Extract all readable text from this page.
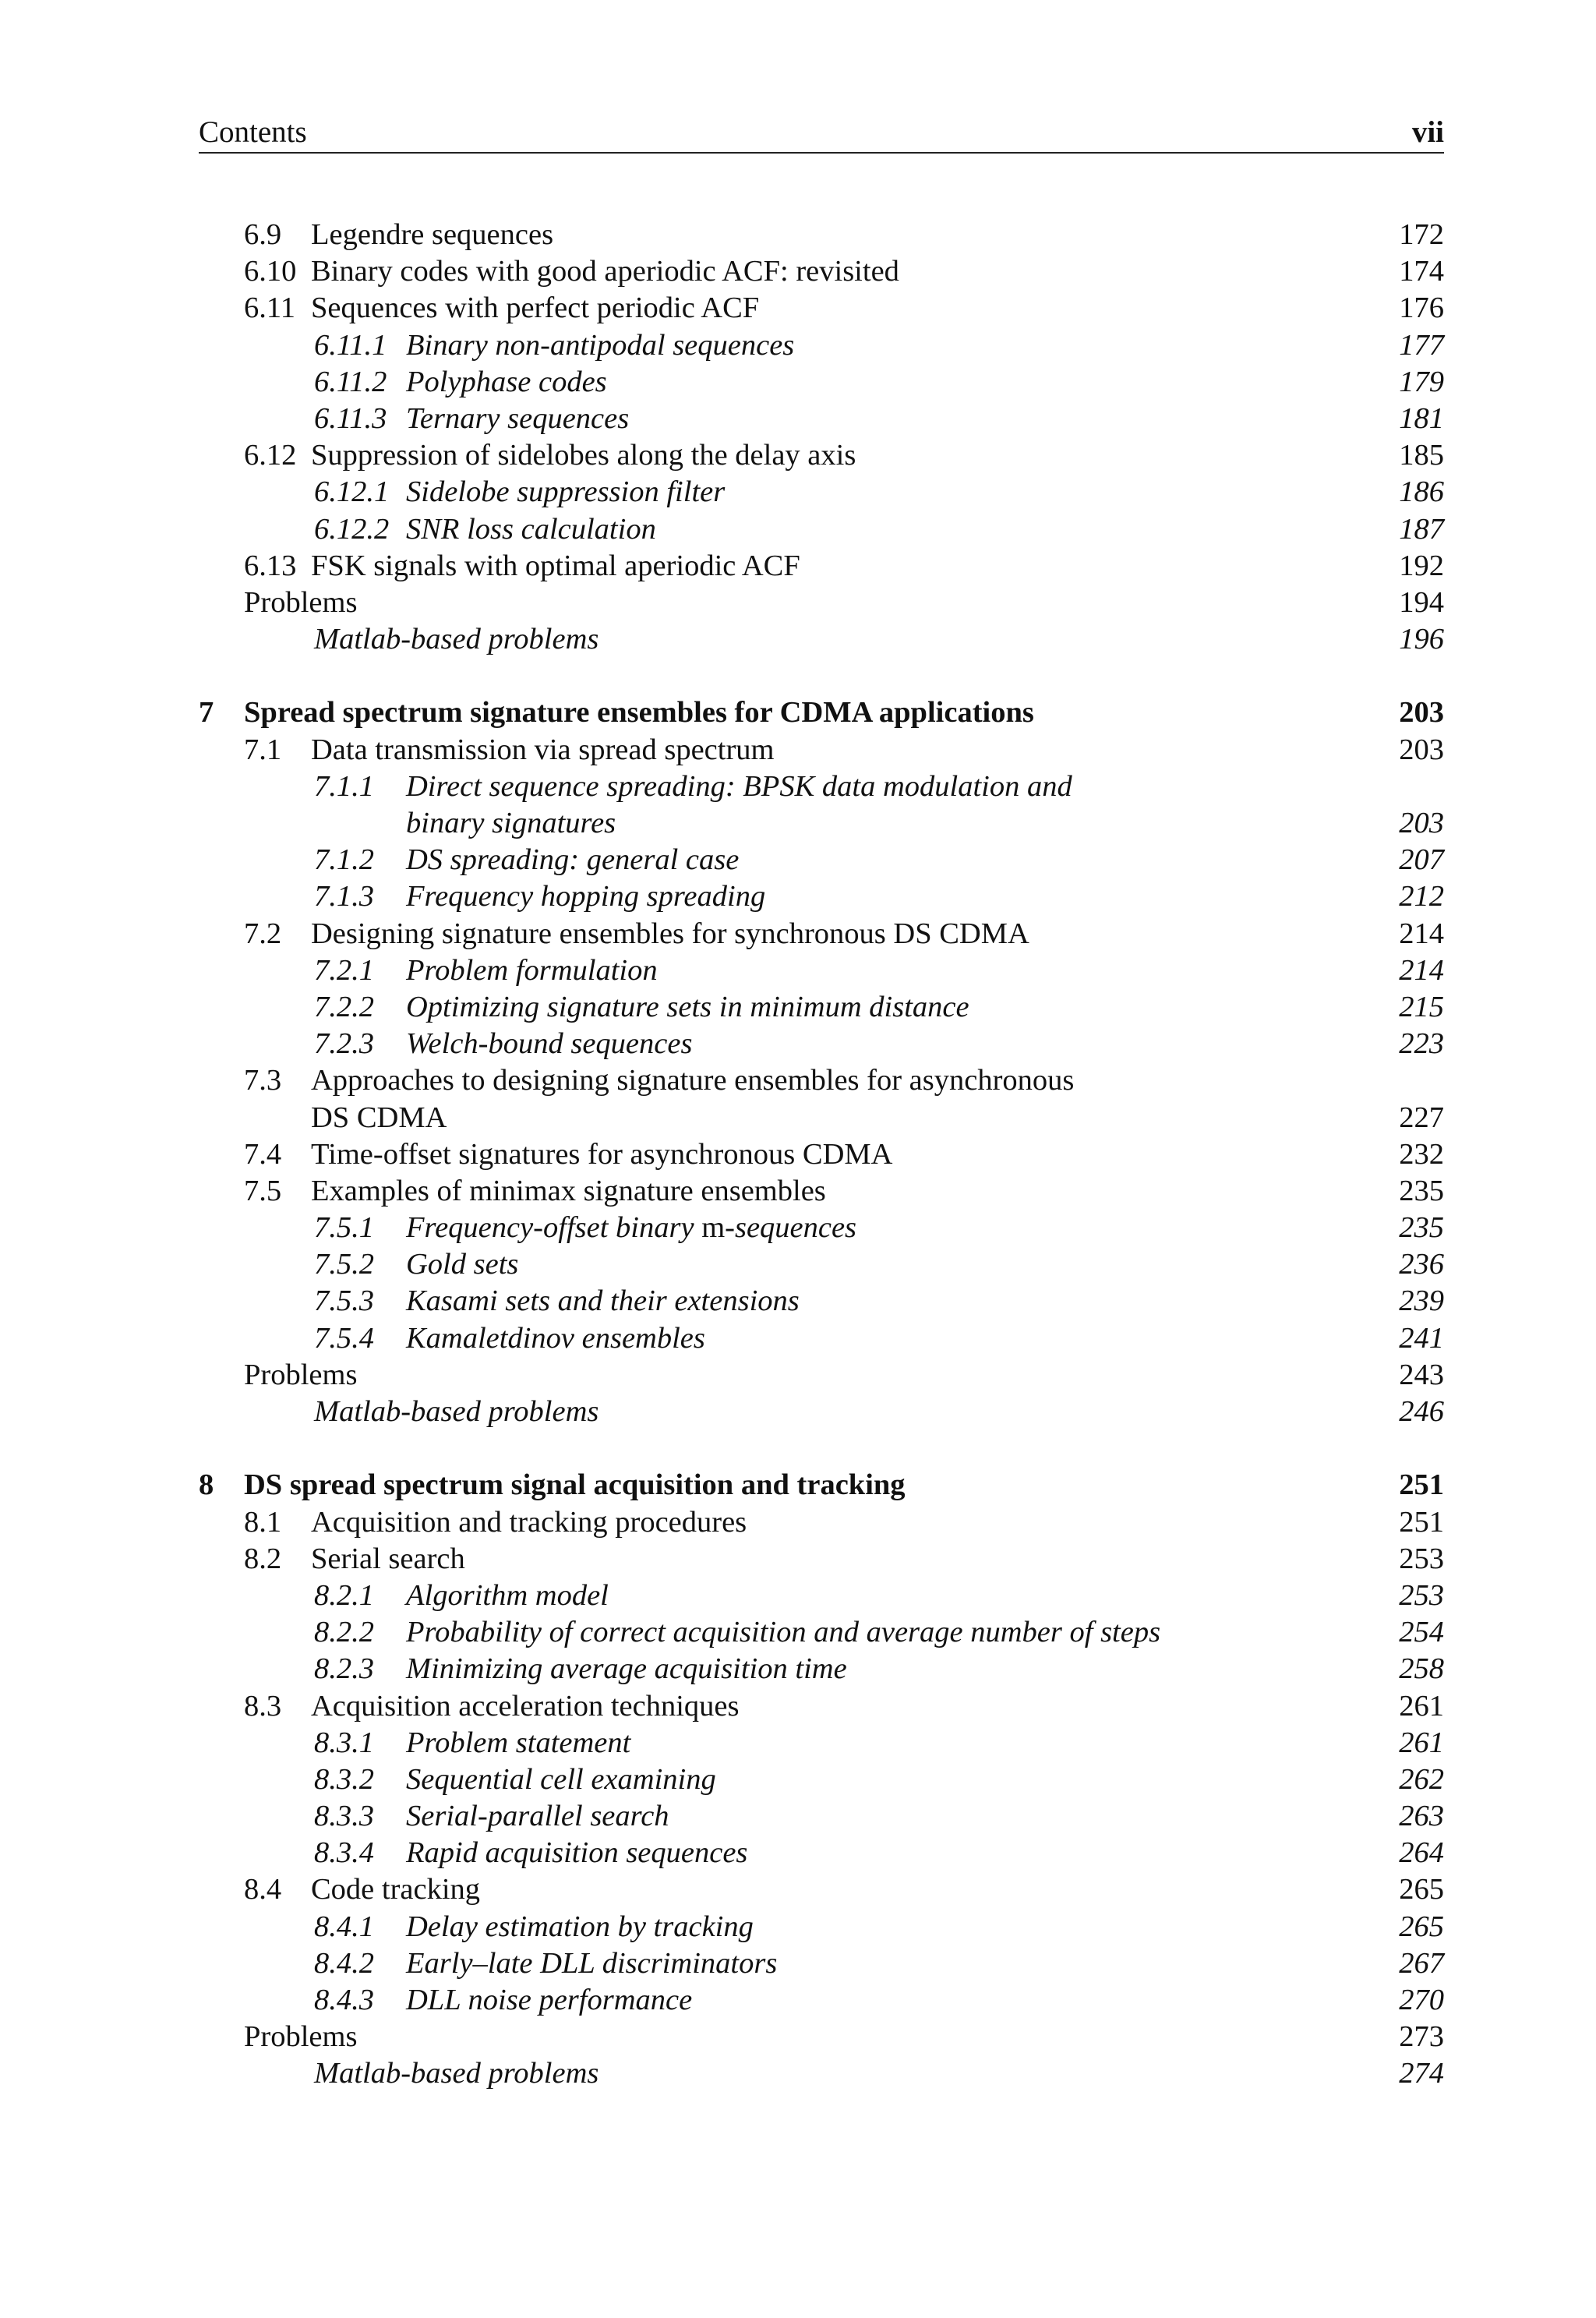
Contents	vii
6.9 Legendre sequences	172
6.10 Binary codes with good aperiodic ACF: revisited	174
6.11 Sequences with perfect periodic ACF	176
6.11.1 Binary non-antipodal sequences	177
6.11.2 Polyphase codes	179
6.11.3 Ternary sequences	181
6.12 Suppression of sidelobes along the delay axis	185
6.12.1 Sidelobe suppression filter	186
6.12.2 SNR loss calculation	187
6.13 FSK signals with optimal aperiodic ACF	192
Problems	194
Matlab-based problems	196
7 Spread spectrum signature ensembles for CDMA applications	203
7.1 Data transmission via spread spectrum	203
7.1.1 Direct sequence spreading: BPSK data modulation and
binary signatures	203
7.1.2 DS spreading: general case	207
7.1.3 Frequency hopping spreading	212
7.2 Designing signature ensembles for synchronous DS CDMA	214
7.2.1 Problem formulation	214
7.2.2 Optimizing signature sets in minimum distance	215
7.2.3 Welch-bound sequences	223
7.3 Approaches to designing signature ensembles for asynchronous
DS CDMA	227
7.4 Time-offset signatures for asynchronous CDMA	232
7.5 Examples of minimax signature ensembles	235
7.5.1 Frequency-offset binary m-sequences	235
7.5.2 Gold sets	236
7.5.3 Kasami sets and their extensions	239
7.5.4 Kamaletdinov ensembles	241
Problems	243
Matlab-based problems	246
8 DS spread spectrum signal acquisition and tracking	251
8.1 Acquisition and tracking procedures	251
8.2 Serial search	253
8.2.1 Algorithm model	253
8.2.2 Probability of correct acquisition and average number of steps	254
8.2.3 Minimizing average acquisition time	258
8.3 Acquisition acceleration techniques	261
8.3.1 Problem statement	261
8.3.2 Sequential cell examining	262
8.3.3 Serial-parallel search	263
8.3.4 Rapid acquisition sequences	264
8.4 Code tracking	265
8.4.1 Delay estimation by tracking	265
8.4.2 Early–late DLL discriminators	267
8.4.3 DLL noise performance	270
Problems	273
Matlab-based problems	274
